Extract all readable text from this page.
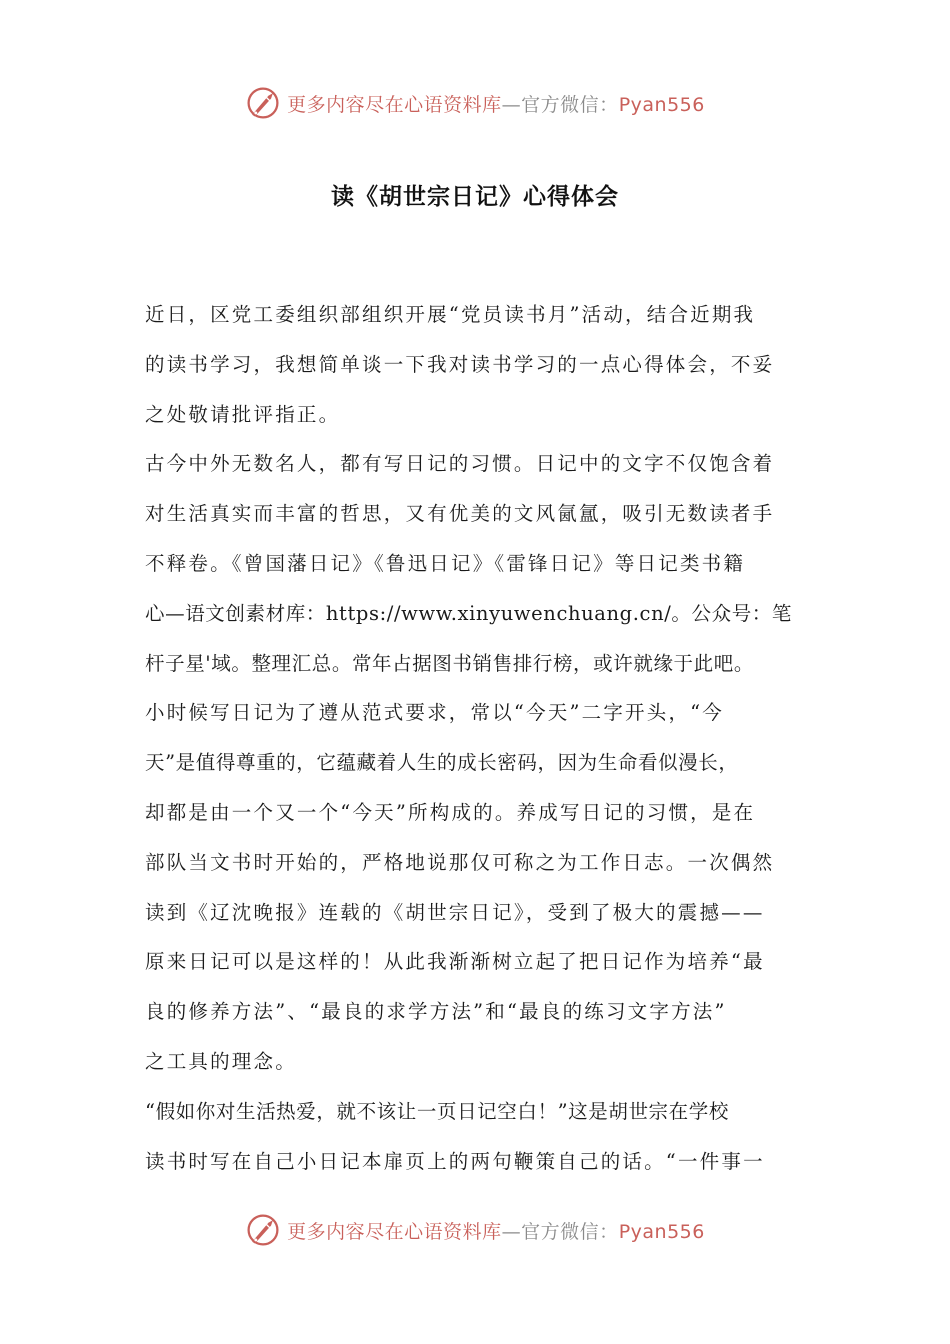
更多内容尽在心语资料库—官方微信：Pyan556
读《胡世宗日记》心得体会
近日，区党工委组织部组织开展“党员读书月”活动，结合近期我
的读书学习，我想简单谈一下我对读书学习的一点心得体会，不妥
之处敬请批评指正。
古今中外无数名人，都有写日记的习惯。日记中的文字不仅饱含着
对生活真实而丰富的哲思，又有优美的文风氤氲，吸引无数读者手
不释卷。《曾国藩日记》《鲁迅日记》《雷锋日记》等日记类书籍
心—语文创素材库：https://www.xinyuwenchuang.cn/。公众号：笔
杆子星'域。整理汇总。常年占据图书销售排行榜，或许就缘于此吧。
小时候写日记为了遵从范式要求，常以“今天”二字开头，“今
天”是值得尊重的，它蕴藏着人生的成长密码，因为生命看似漫长，
却都是由一个又一个“今天”所构成的。养成写日记的习惯，是在
部队当文书时开始的，严格地说那仅可称之为工作日志。一次偶然
读到《辽沈晚报》连载的《胡世宗日记》，受到了极大的震撼——
原来日记可以是这样的！从此我渐渐树立起了把日记作为培养“最
良的修养方法”、“最良的求学方法”和“最良的练习文字方法”
之工具的理念。
“假如你对生活热爱，就不该让一页日记空白！”这是胡世宗在学校
读书时写在自己小日记本扉页上的两句鞭策自己的话。“一件事一
更多内容尽在心语资料库—官方微信：Pyan556
